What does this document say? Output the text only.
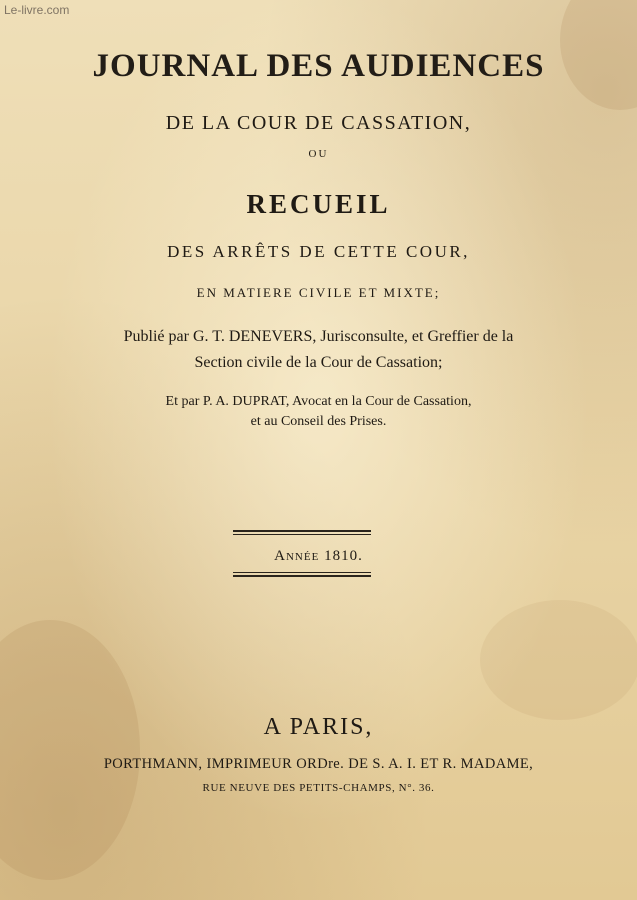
Le-livre.com
JOURNAL DES AUDIENCES
DE LA COUR DE CASSATION,
OU
RECUEIL
DES ARRÊTS DE CETTE COUR,
EN MATIERE CIVILE ET MIXTE;
Publié par G. T. DENEVERS, Jurisconsulte, et Greffier de la
Section civile de la Cour de Cassation;
Et par P. A. DUPRAT, Avocat en la Cour de Cassation,
et au Conseil des Prises.
Année 1810.
A PARIS,
PORTHMANN, IMPRIMEUR ORDre. DE S. A. I. ET R. MADAME,
RUE NEUVE DES PETITS-CHAMPS, N°. 36.
